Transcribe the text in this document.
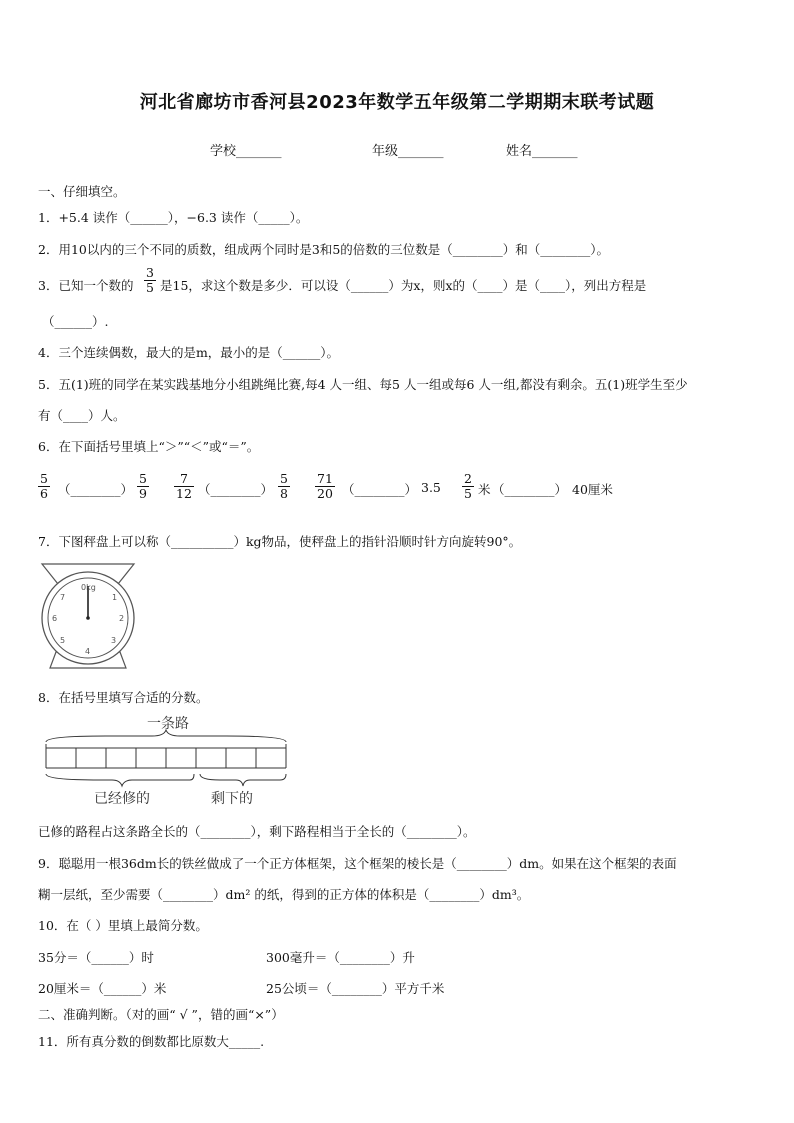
河北省廊坊市香河县2023年数学五年级第二学期期末联考试题
学校_______	年级_______	姓名_______
一、仔细填空。
1．+5.4 读作（______），−6.3 读作（_____）。
2．用10以内的三个不同的质数，组成两个同时是3和5的倍数的三位数是（________）和（________）。
3．已知一个数的 $\frac{3}{5}$ 是15，求这个数是多少．可以设（______）为x，则x的（____）是（____），列出方程是
（______）.
4．三个连续偶数，最大的是m，最小的是（______）。
5．五(1)班的同学在某实践基地分小组跳绳比赛,每4 人一组、每5 人一组或每6 人一组,都没有剩余。五(1)班学生至少
有（____）人。
6．在下面括号里填上“＞”“＜”或“＝”。
$\frac{5}{6}$ （________） $\frac{5}{9} \frac{7}{12}$ （________） $\frac{5}{8} \frac{71}{20}$ （________） $3.5 \frac{2}{5}$ 米 （________） 40厘米
7．下图秤盘上可以称（__________）kg物品，使秤盘上的指针沿顺时针方向旋转90°。
0kg
7	1
6	2
5	3
4
8．在括号里填写合适的分数。
一条路
已经修的	剩下的
已修的路程占这条路全长的（________），剩下路程相当于全长的（________）。
9．聪聪用一根36dm长的铁丝做成了一个正方体框架，这个框架的棱长是（________）dm。如果在这个框架的表面
糊一层纸，至少需要（________）dm² 的纸，得到的正方体的体积是（________）dm³。
10．在（ ）里填上最简分数。
35分＝（______）时	300毫升＝（________）升
20厘米＝（______）米	25公顷＝（________）平方千米
二、准确判断。（对的画“ √ ”，错的画“×”）
11．所有真分数的倒数都比原数大_____.
